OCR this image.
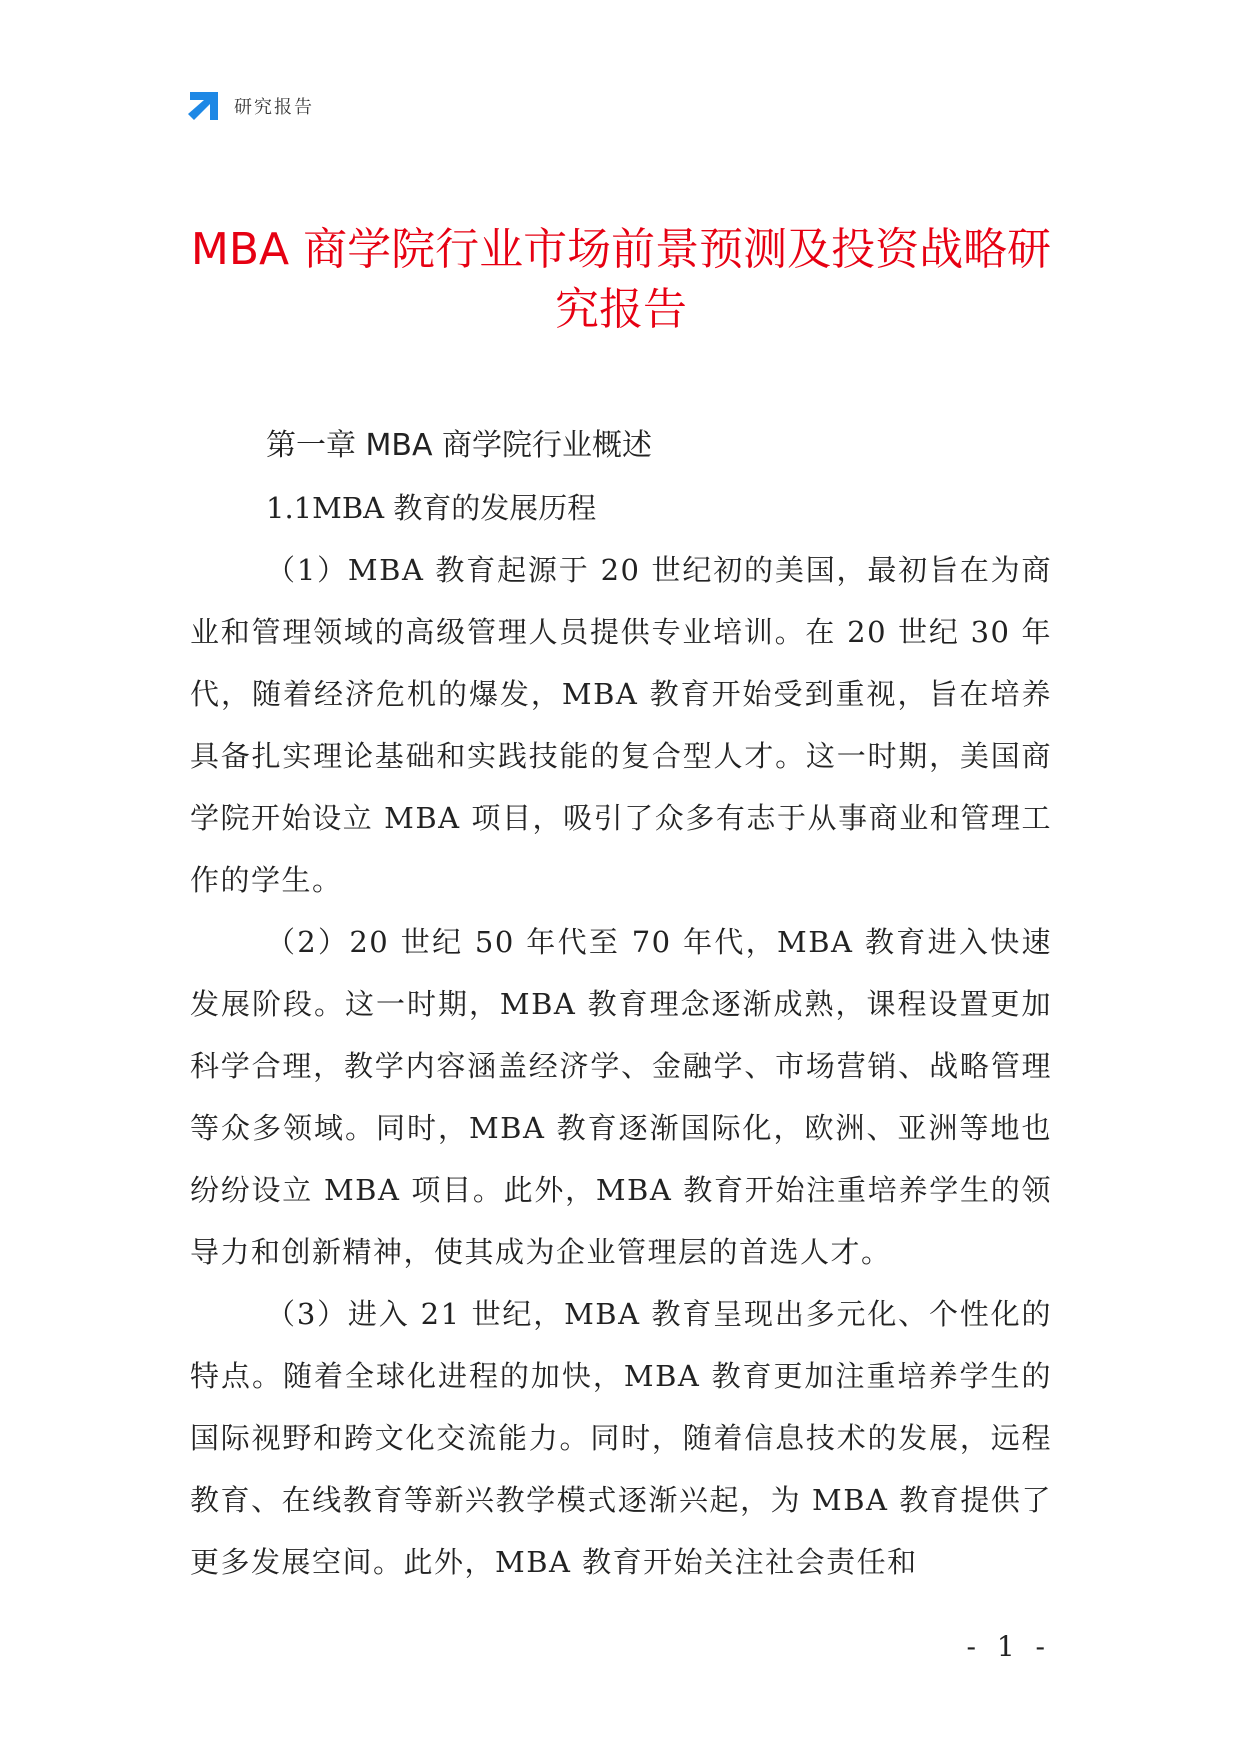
研究报告
MBA 商学院行业市场前景预测及投资战略研究报告
第一章 MBA 商学院行业概述
1.1MBA 教育的发展历程

（1）MBA 教育起源于 20 世纪初的美国，最初旨在为商业和管理领域的高级管理人员提供专业培训。在 20 世纪 30 年代，随着经济危机的爆发，MBA 教育开始受到重视，旨在培养具备扎实理论基础和实践技能的复合型人才。这一时期，美国商学院开始设立 MBA 项目，吸引了众多有志于从事商业和管理工作的学生。

（2）20 世纪 50 年代至 70 年代，MBA 教育进入快速发展阶段。这一时期，MBA 教育理念逐渐成熟，课程设置更加科学合理，教学内容涵盖经济学、金融学、市场营销、战略管理等众多领域。同时，MBA 教育逐渐国际化，欧洲、亚洲等地也纷纷设立 MBA 项目。此外，MBA 教育开始注重培养学生的领导力和创新精神，使其成为企业管理层的首选人才。

（3）进入 21 世纪，MBA 教育呈现出多元化、个性化的特点。随着全球化进程的加快，MBA 教育更加注重培养学生的国际视野和跨文化交流能力。同时，随着信息技术的发展，远程教育、在线教育等新兴教学模式逐渐兴起，为 MBA 教育提供了更多发展空间。此外，MBA 教育开始关注社会责任和

- 1 -
